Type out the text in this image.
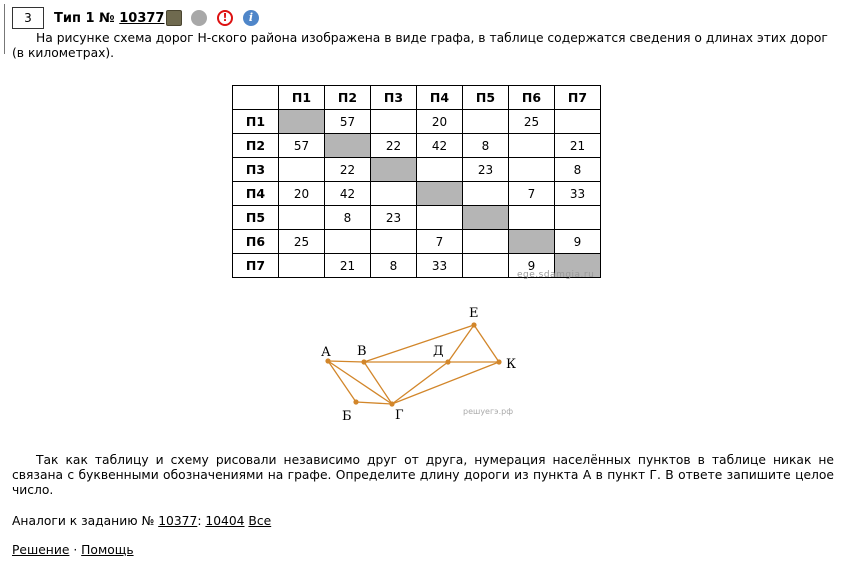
3	Тип 1 № 10377	!	i
На рисунке схема дорог Н-ского района изображена в виде графа, в таблице содержатся сведения о длинах этих дорог (в километрах).
	П1	П2	П3	П4	П5	П6	П7
П1		57		20		25	
П2	57		22	42	8		21
П3		22			23		8
П4	20	42				7	33
П5		8	23				
П6	25			7			9
П7		21	8	33		9	
ege.sdamgia.ru
А В	Д
Е
К
Б	Г	решуегэ.рф
Так как таблицу и схему рисовали независимо друг от друга, нумерация населённых пунктов в таблице никак не связана с буквенными обозначениями на графе. Определите длину дороги из пункта А в пункт Г. В ответе запишите целое число.
Аналоги к заданию № 10377: 10404 Все
Решение · Помощь
